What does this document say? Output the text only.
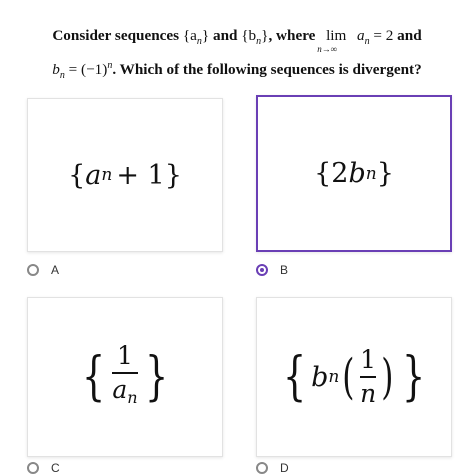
Consider sequences $\{a_n\}$ and $\{b_n\}$, where lim
n→∞
$a_n = 2$ and
$b_n = (-1)^n$. Which of the following sequences is divergent?
{ a n + 1 }	{ 2 b n }
{ $\frac{1}{a_n}$ } { b n ( $\frac{1}{n}$ ) }
A	B
C	D
